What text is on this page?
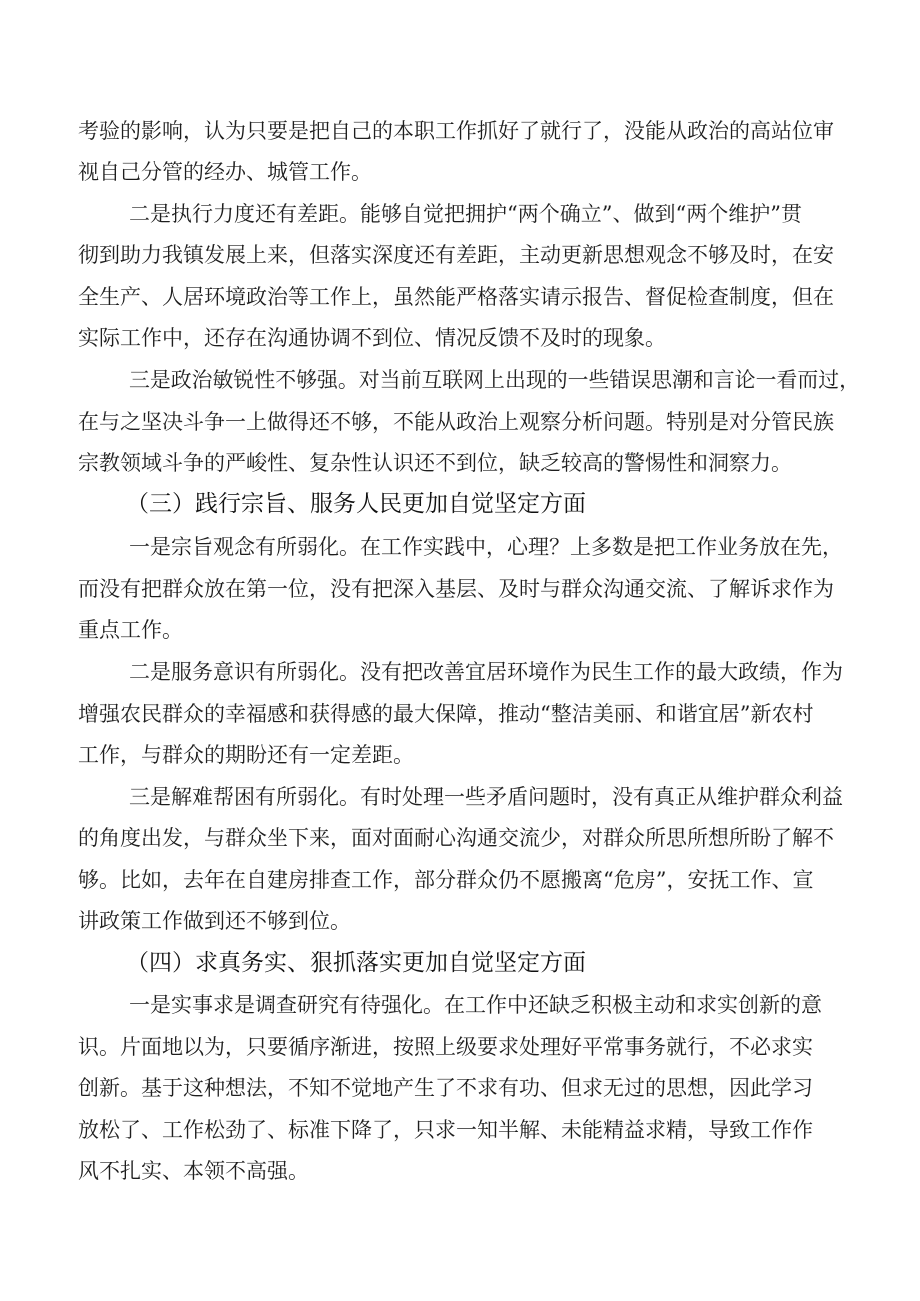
考验的影响，认为只要是把自己的本职工作抓好了就行了，没能从政治的高站位审

视自己分管的经办、城管工作。

二是执行力度还有差距。能够自觉把拥护“两个确立”、做到“两个维护”贯

彻到助力我镇发展上来，但落实深度还有差距，主动更新思想观念不够及时，在安

全生产、人居环境政治等工作上，虽然能严格落实请示报告、督促检查制度，但在

实际工作中，还存在沟通协调不到位、情况反馈不及时的现象。

三是政治敏锐性不够强。对当前互联网上出现的一些错误思潮和言论一看而过，

在与之坚决斗争一上做得还不够，不能从政治上观察分析问题。特别是对分管民族

宗教领域斗争的严峻性、复杂性认识还不到位，缺乏较高的警惕性和洞察力。

（三）践行宗旨、服务人民更加自觉坚定方面

一是宗旨观念有所弱化。在工作实践中，心理？上多数是把工作业务放在先，

而没有把群众放在第一位，没有把深入基层、及时与群众沟通交流、了解诉求作为

重点工作。

二是服务意识有所弱化。没有把改善宜居环境作为民生工作的最大政绩，作为

增强农民群众的幸福感和获得感的最大保障，推动“整洁美丽、和谐宜居”新农村

工作，与群众的期盼还有一定差距。

三是解难帮困有所弱化。有时处理一些矛盾问题时，没有真正从维护群众利益

的角度出发，与群众坐下来，面对面耐心沟通交流少，对群众所思所想所盼了解不

够。比如，去年在自建房排查工作，部分群众仍不愿搬离“危房”，安抚工作、宣

讲政策工作做到还不够到位。

（四）求真务实、狠抓落实更加自觉坚定方面

一是实事求是调查研究有待强化。在工作中还缺乏积极主动和求实创新的意

识。片面地以为，只要循序渐进，按照上级要求处理好平常事务就行，不必求实

创新。基于这种想法，不知不觉地产生了不求有功、但求无过的思想，因此学习

放松了、工作松劲了、标准下降了，只求一知半解、未能精益求精，导致工作作

风不扎实、本领不高强。
